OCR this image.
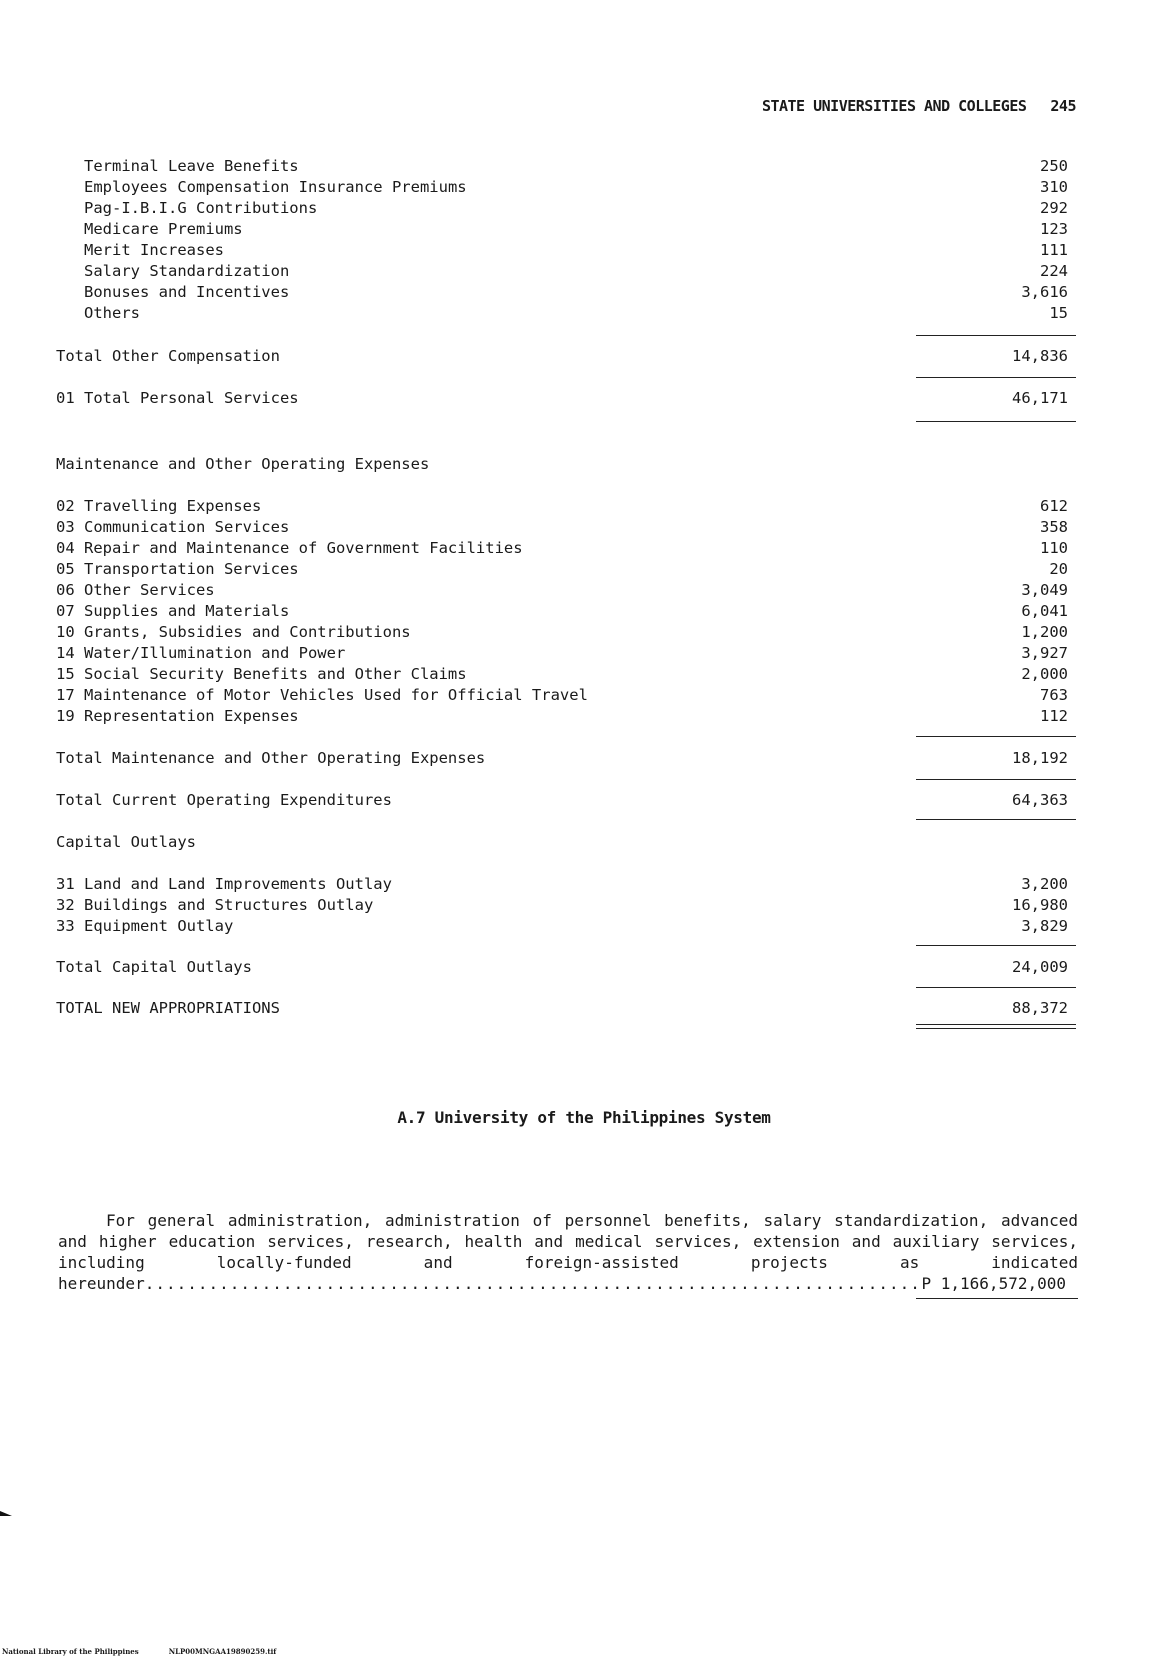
STATE UNIVERSITIES AND COLLEGES 245
Terminal Leave Benefits	250
Employees Compensation Insurance Premiums	310
Pag-I.B.I.G Contributions	292
Medicare Premiums	123
Merit Increases	111
Salary Standardization	224
Bonuses and Incentives	3,616
Others	15
Total Other Compensation	14,836
01 Total Personal Services	46,171
Maintenance and Other Operating Expenses
02 Travelling Expenses	612
03 Communication Services	358
04 Repair and Maintenance of Government Facilities	110
05 Transportation Services	20
06 Other Services	3,049
07 Supplies and Materials	6,041
10 Grants, Subsidies and Contributions	1,200
14 Water/Illumination and Power	3,927
15 Social Security Benefits and Other Claims	2,000
17 Maintenance of Motor Vehicles Used for Official Travel	763
19 Representation Expenses	112
Total Maintenance and Other Operating Expenses	18,192
Total Current Operating Expenditures	64,363
Capital Outlays
31 Land and Land Improvements Outlay	3,200
32 Buildings and Structures Outlay	16,980
33 Equipment Outlay	3,829
Total Capital Outlays	24,009
TOTAL NEW APPROPRIATIONS	88,372
A.7 University of the Philippines System
For general administration, administration of personnel benefits, salary standardization, advanced and higher education services, research, health and medical services, extension and auxiliary services, including locally-funded and foreign-assisted projects as indicated
hereunder .....	P 1,166,572,000
National Library of the Philippines	NLP00MNGAA19890259.tif
